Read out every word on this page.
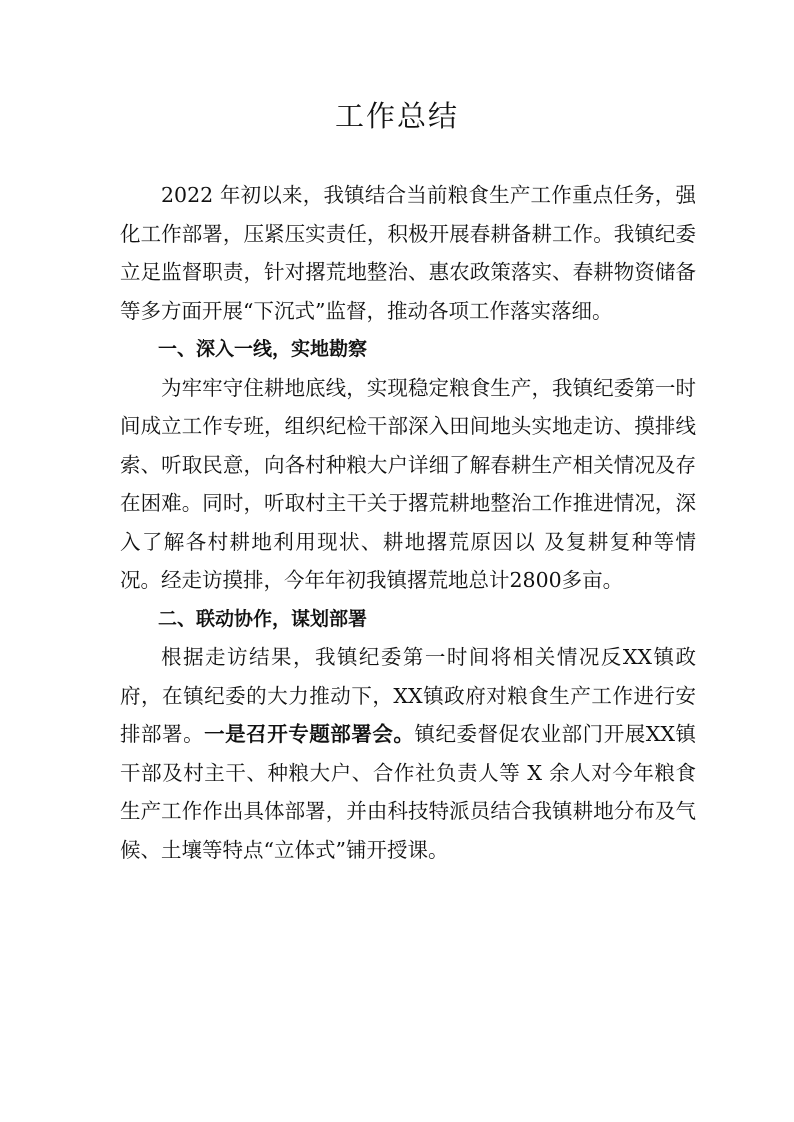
工作总结

2022 年初以来，我镇结合当前粮食生产工作重点任务，强化工作部署，压紧压实责任，积极开展春耕备耕工作。我镇纪委立足监督职责，针对撂荒地整治、惠农政策落实、春耕物资储备等多方面开展“下沉式”监督，推动各项工作落实落细。

一、深入一线，实地勘察

为牢牢守住耕地底线，实现稳定粮食生产，我镇纪委第一时间成立工作专班，组织纪检干部深入田间地头实地走访、摸排线索、听取民意，向各村种粮大户详细了解春耕生产相关情况及存在困难。同时，听取村主干关于撂荒耕地整治工作推进情况，深入了解各村耕地利用现状、耕地撂荒原因以 及复耕复种等情况。经走访摸排，今年年初我镇撂荒地总计2800多亩。

二、联动协作，谋划部署

根据走访结果，我镇纪委第一时间将相关情况反XX镇政府，在镇纪委的大力推动下，XX镇政府对粮食生产工作进行安排部署。一是召开专题部署会。镇纪委督促农业部门开展XX镇干部及村主干、种粮大户、合作社负责人等 X 余人对今年粮食生产工作作出具体部署，并由科技特派员结合我镇耕地分布及气候、土壤等特点“立体式”铺开授课。
